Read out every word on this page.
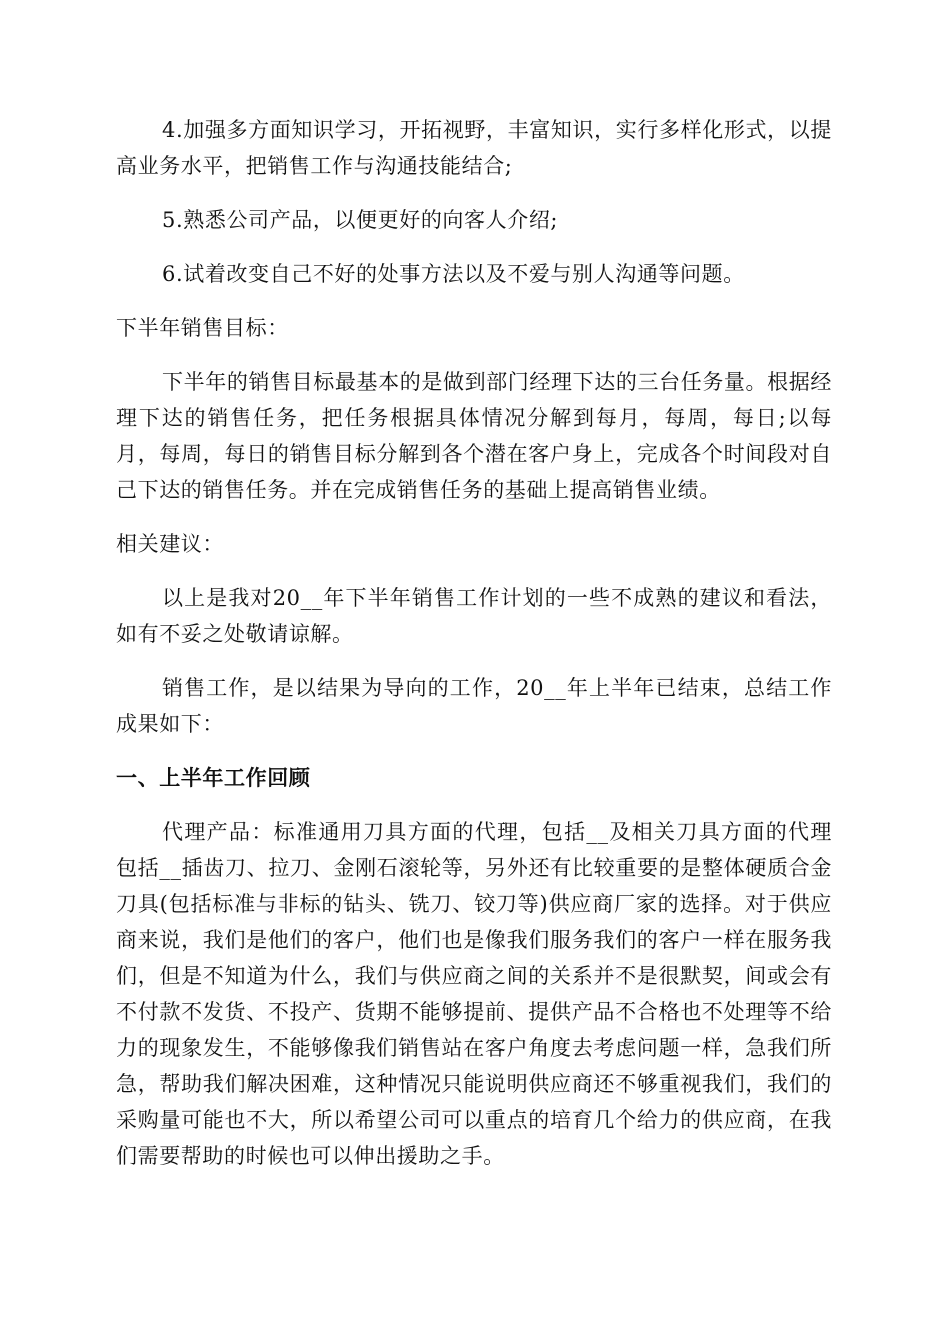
4.加强多方面知识学习，开拓视野，丰富知识，实行多样化形式，以提高业务水平，把销售工作与沟通技能结合;

5.熟悉公司产品，以便更好的向客人介绍;

6.试着改变自己不好的处事方法以及不爱与别人沟通等问题。

下半年销售目标：

下半年的销售目标最基本的是做到部门经理下达的三台任务量。根据经理下达的销售任务，把任务根据具体情况分解到每月，每周，每日;以每月，每周，每日的销售目标分解到各个潜在客户身上，完成各个时间段对自己下达的销售任务。并在完成销售任务的基础上提高销售业绩。

相关建议：

以上是我对20__年下半年销售工作计划的一些不成熟的建议和看法，如有不妥之处敬请谅解。

销售工作，是以结果为导向的工作，20__年上半年已结束，总结工作成果如下：

一、上半年工作回顾

代理产品：标准通用刀具方面的代理，包括__及相关刀具方面的代理包括__插齿刀、拉刀、金刚石滚轮等，另外还有比较重要的是整体硬质合金刀具(包括标准与非标的钻头、铣刀、铰刀等)供应商厂家的选择。对于供应商来说，我们是他们的客户，他们也是像我们服务我们的客户一样在服务我们，但是不知道为什么，我们与供应商之间的关系并不是很默契，间或会有不付款不发货、不投产、货期不能够提前、提供产品不合格也不处理等不给力的现象发生，不能够像我们销售站在客户角度去考虑问题一样，急我们所急，帮助我们解决困难，这种情况只能说明供应商还不够重视我们，我们的采购量可能也不大，所以希望公司可以重点的培育几个给力的供应商，在我们需要帮助的时候也可以伸出援助之手。
